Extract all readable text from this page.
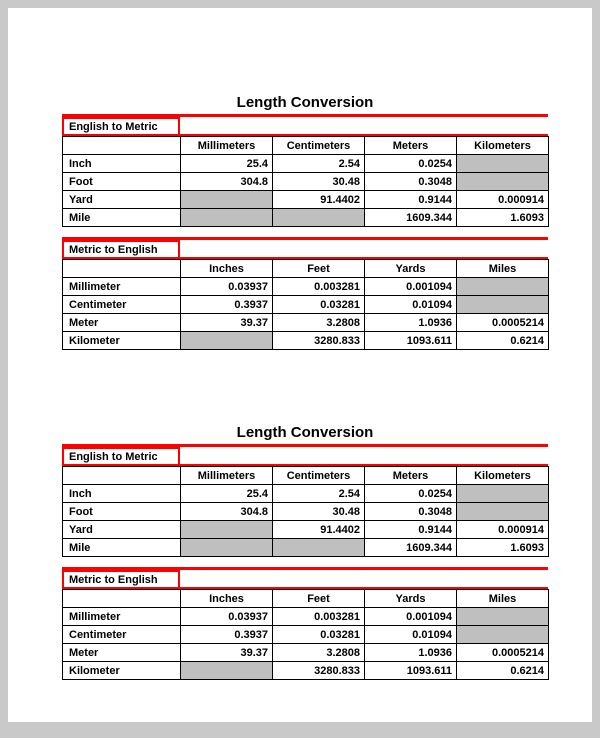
Length Conversion
English to Metric
	Millimeters	Centimeters	Meters	Kilometers
Inch	25.4	2.54	0.0254	
Foot	304.8	30.48	0.3048	
Yard		91.4402	0.9144	0.000914
Mile			1609.344	1.6093
Metric to English
	Inches	Feet	Yards	Miles
Millimeter	0.03937	0.003281	0.001094	
Centimeter	0.3937	0.03281	0.01094	
Meter	39.37	3.2808	1.0936	0.0005214
Kilometer		3280.833	1093.611	0.6214
Length Conversion
English to Metric
	Millimeters	Centimeters	Meters	Kilometers
Inch	25.4	2.54	0.0254	
Foot	304.8	30.48	0.3048	
Yard		91.4402	0.9144	0.000914
Mile			1609.344	1.6093
Metric to English
	Inches	Feet	Yards	Miles
Millimeter	0.03937	0.003281	0.001094	
Centimeter	0.3937	0.03281	0.01094	
Meter	39.37	3.2808	1.0936	0.0005214
Kilometer		3280.833	1093.611	0.6214
